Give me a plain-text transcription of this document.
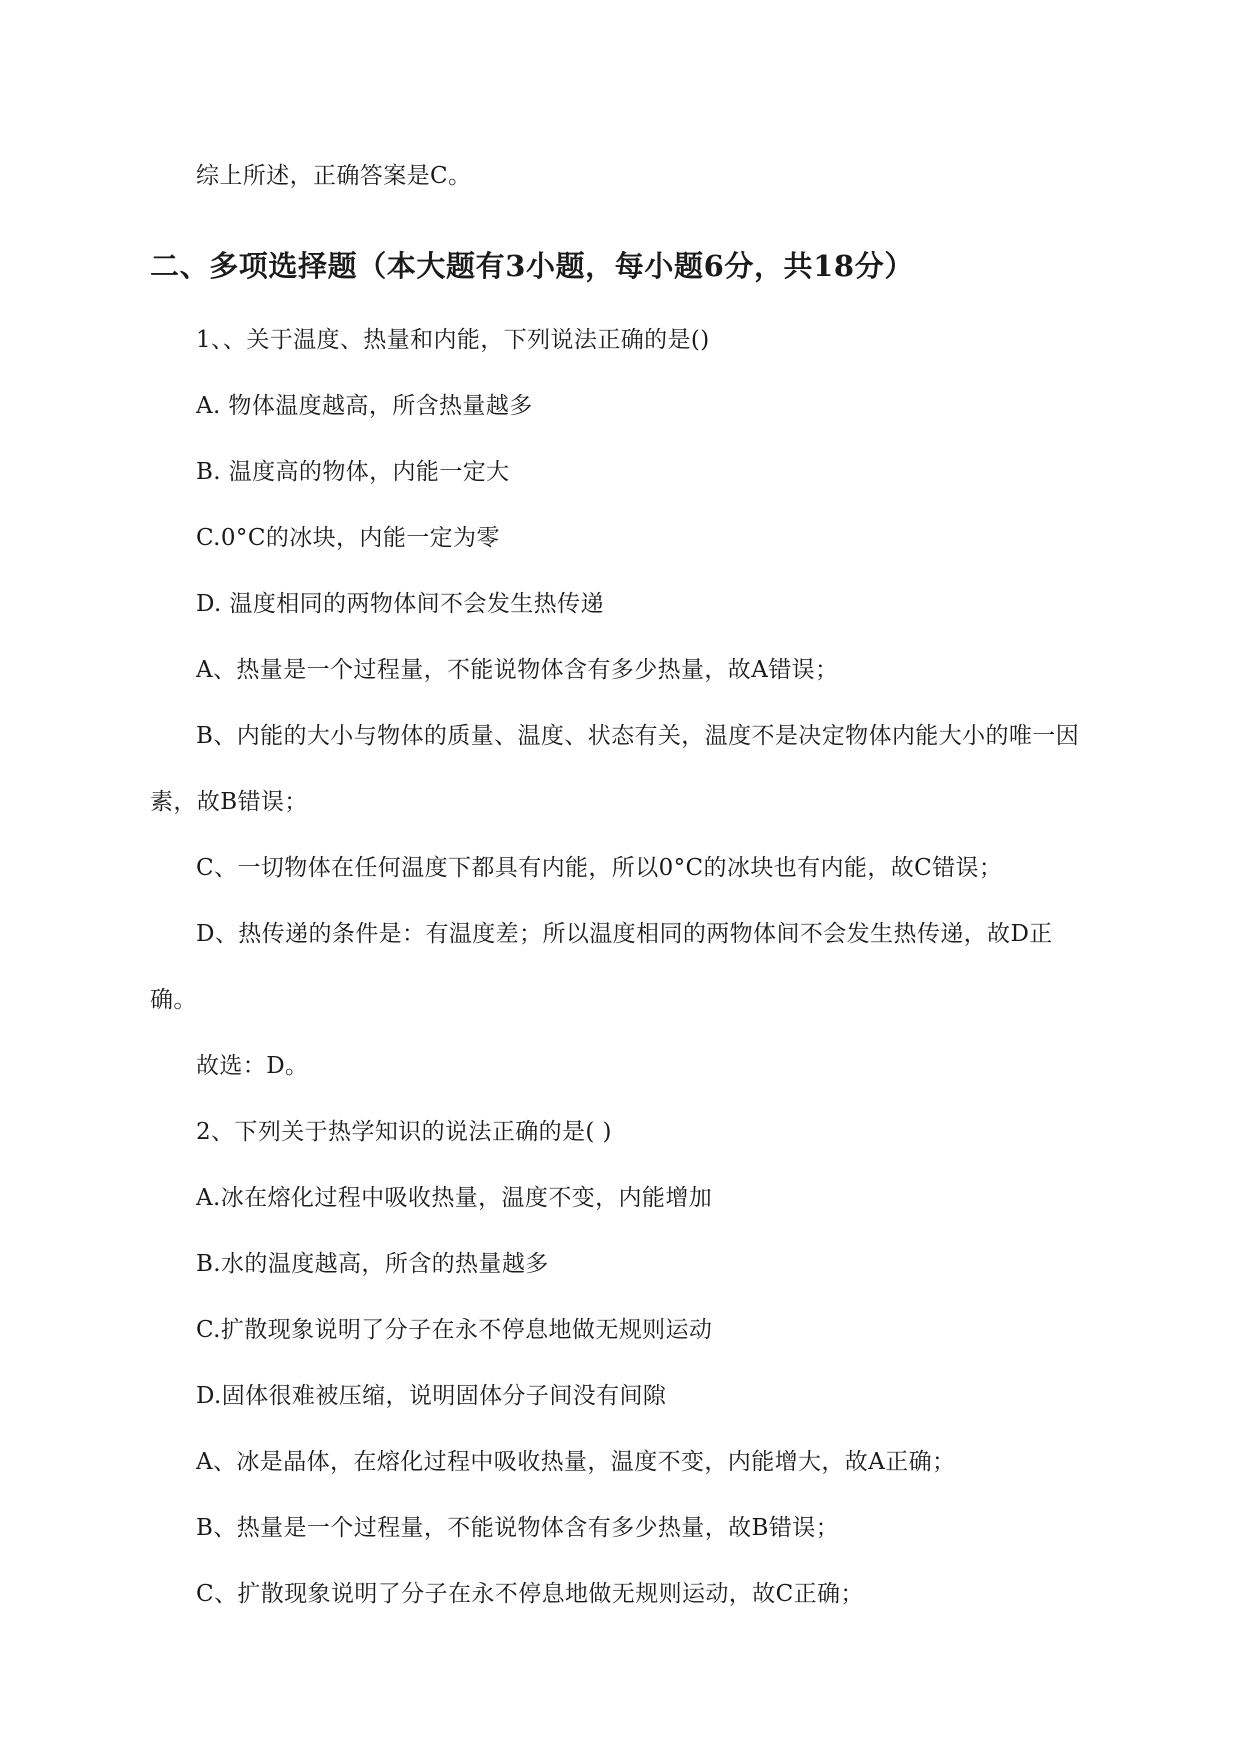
综上所述，正确答案是C。
二、多项选择题（本大题有3小题，每小题6分，共18分）
1、、关于温度、热量和内能，下列说法正确的是()
A. 物体温度越高，所含热量越多
B. 温度高的物体，内能一定大
C.0°C的冰块，内能一定为零
D. 温度相同的两物体间不会发生热传递
A、热量是一个过程量，不能说物体含有多少热量，故A错误；
B、内能的大小与物体的质量、温度、状态有关，温度不是决定物体内能大小的唯一因素，故B错误；
C、一切物体在任何温度下都具有内能，所以0°C的冰块也有内能，故C错误；
D、热传递的条件是：有温度差；所以温度相同的两物体间不会发生热传递，故D正确。
故选：D。
2、下列关于热学知识的说法正确的是( )
A.冰在熔化过程中吸收热量，温度不变，内能增加
B.水的温度越高，所含的热量越多
C.扩散现象说明了分子在永不停息地做无规则运动
D.固体很难被压缩，说明固体分子间没有间隙
A、冰是晶体，在熔化过程中吸收热量，温度不变，内能增大，故A正确；
B、热量是一个过程量，不能说物体含有多少热量，故B错误；
C、扩散现象说明了分子在永不停息地做无规则运动，故C正确；
